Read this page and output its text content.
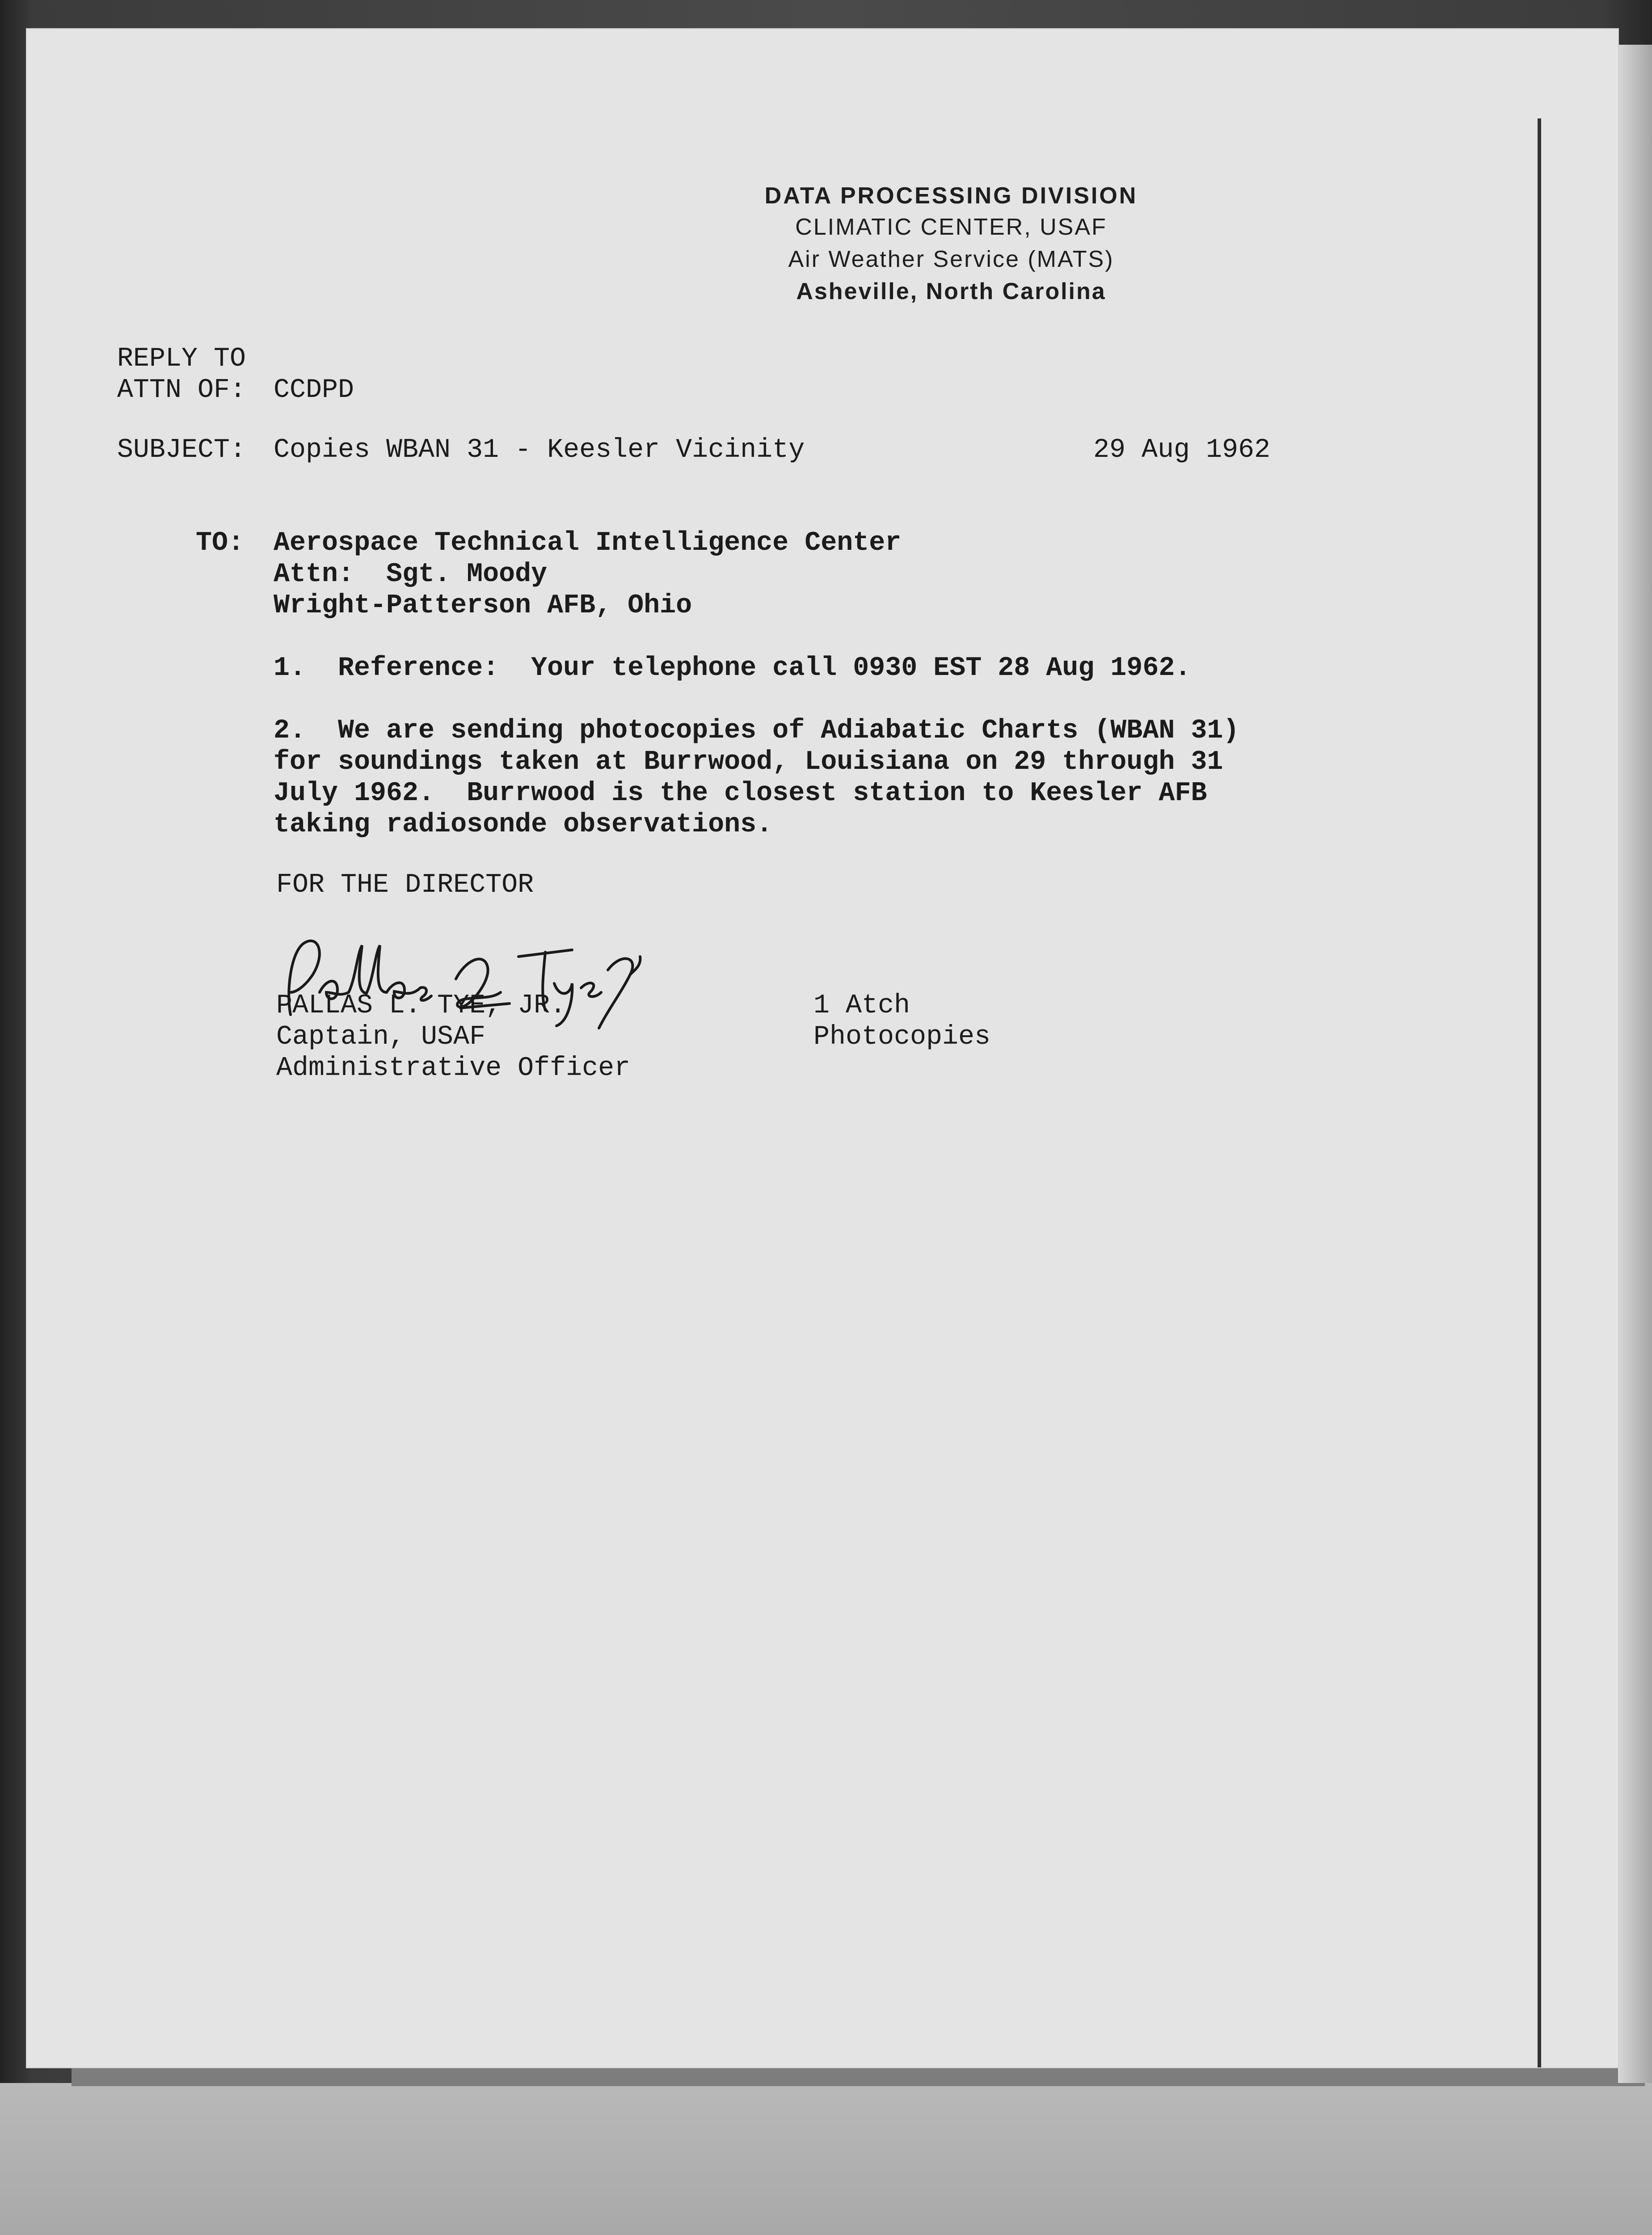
DATA PROCESSING DIVISION
CLIMATIC CENTER, USAF
Air Weather Service (MATS)
Asheville, North Carolina
REPLY TO
ATTN OF: CCDPD
SUBJECT: Copies WBAN 31 - Keesler Vicinity	29 Aug 1962
TO: Aerospace Technical Intelligence Center
Attn:  Sgt. Moody
Wright-Patterson AFB, Ohio
1.  Reference:  Your telephone call 0930 EST 28 Aug 1962.
2.  We are sending photocopies of Adiabatic Charts (WBAN 31)
for soundings taken at Burrwood, Louisiana on 29 through 31
July 1962.  Burrwood is the closest station to Keesler AFB
taking radiosonde observations.
FOR THE DIRECTOR
PALLAS L. TYE, JR.
Pallas L. Tye Jr
Captain, USAF
Administrative Officer
1 Atch
Photocopies
